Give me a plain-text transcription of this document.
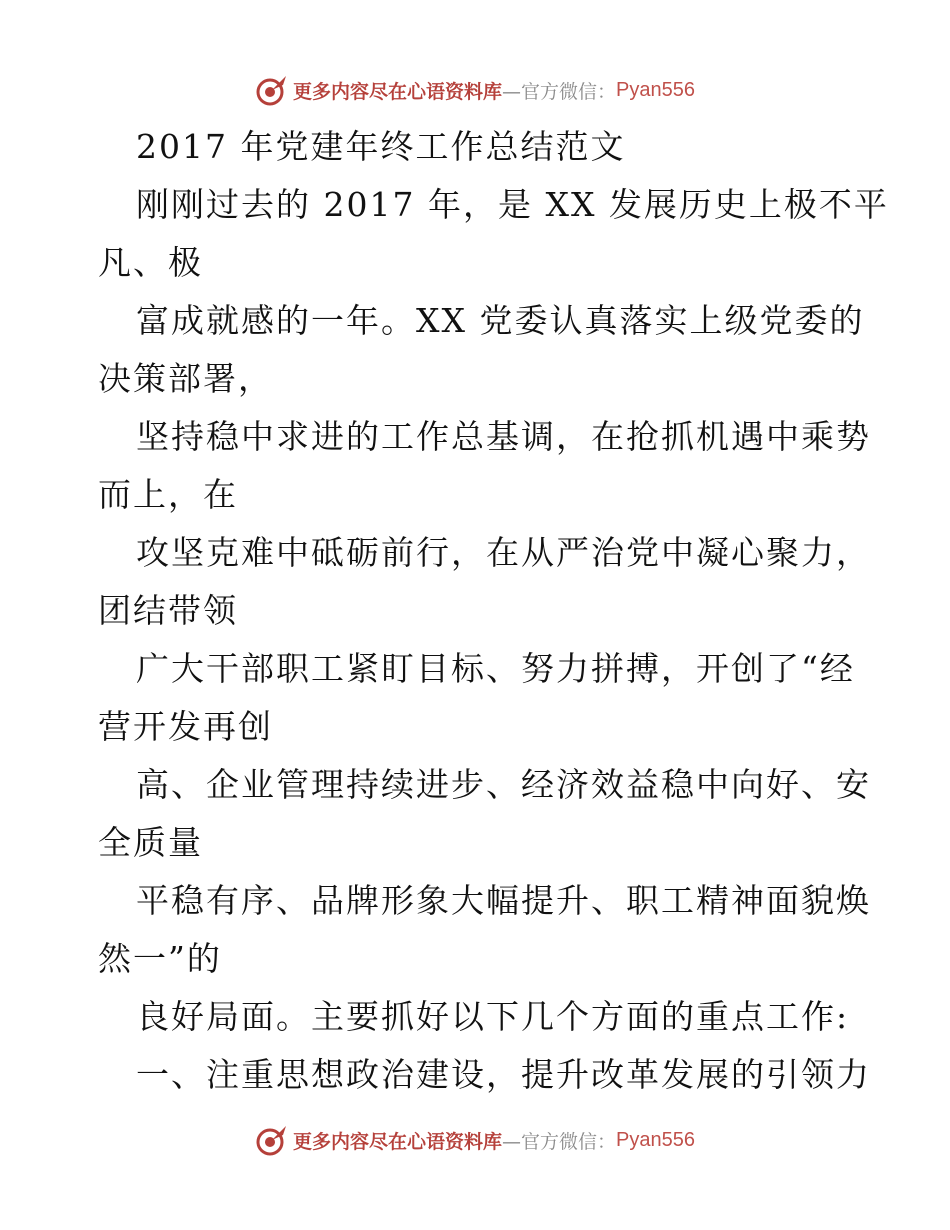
更多内容尽在心语资料库 —官方微信： Pyan556
2017 年党建年终工作总结范文
刚刚过去的 2017 年，是 XX 发展历史上极不平
凡、极
富成就感的一年。XX 党委认真落实上级党委的
决策部署，
坚持稳中求进的工作总基调，在抢抓机遇中乘势
而上，在
攻坚克难中砥砺前行，在从严治党中凝心聚力，
团结带领
广大干部职工紧盯目标、努力拼搏，开创了“经
营开发再创
高、企业管理持续进步、经济效益稳中向好、安
全质量
平稳有序、品牌形象大幅提升、职工精神面貌焕
然一”的
良好局面。主要抓好以下几个方面的重点工作:
一、注重思想政治建设，提升改革发展的引领力
更多内容尽在心语资料库 —官方微信： Pyan556
